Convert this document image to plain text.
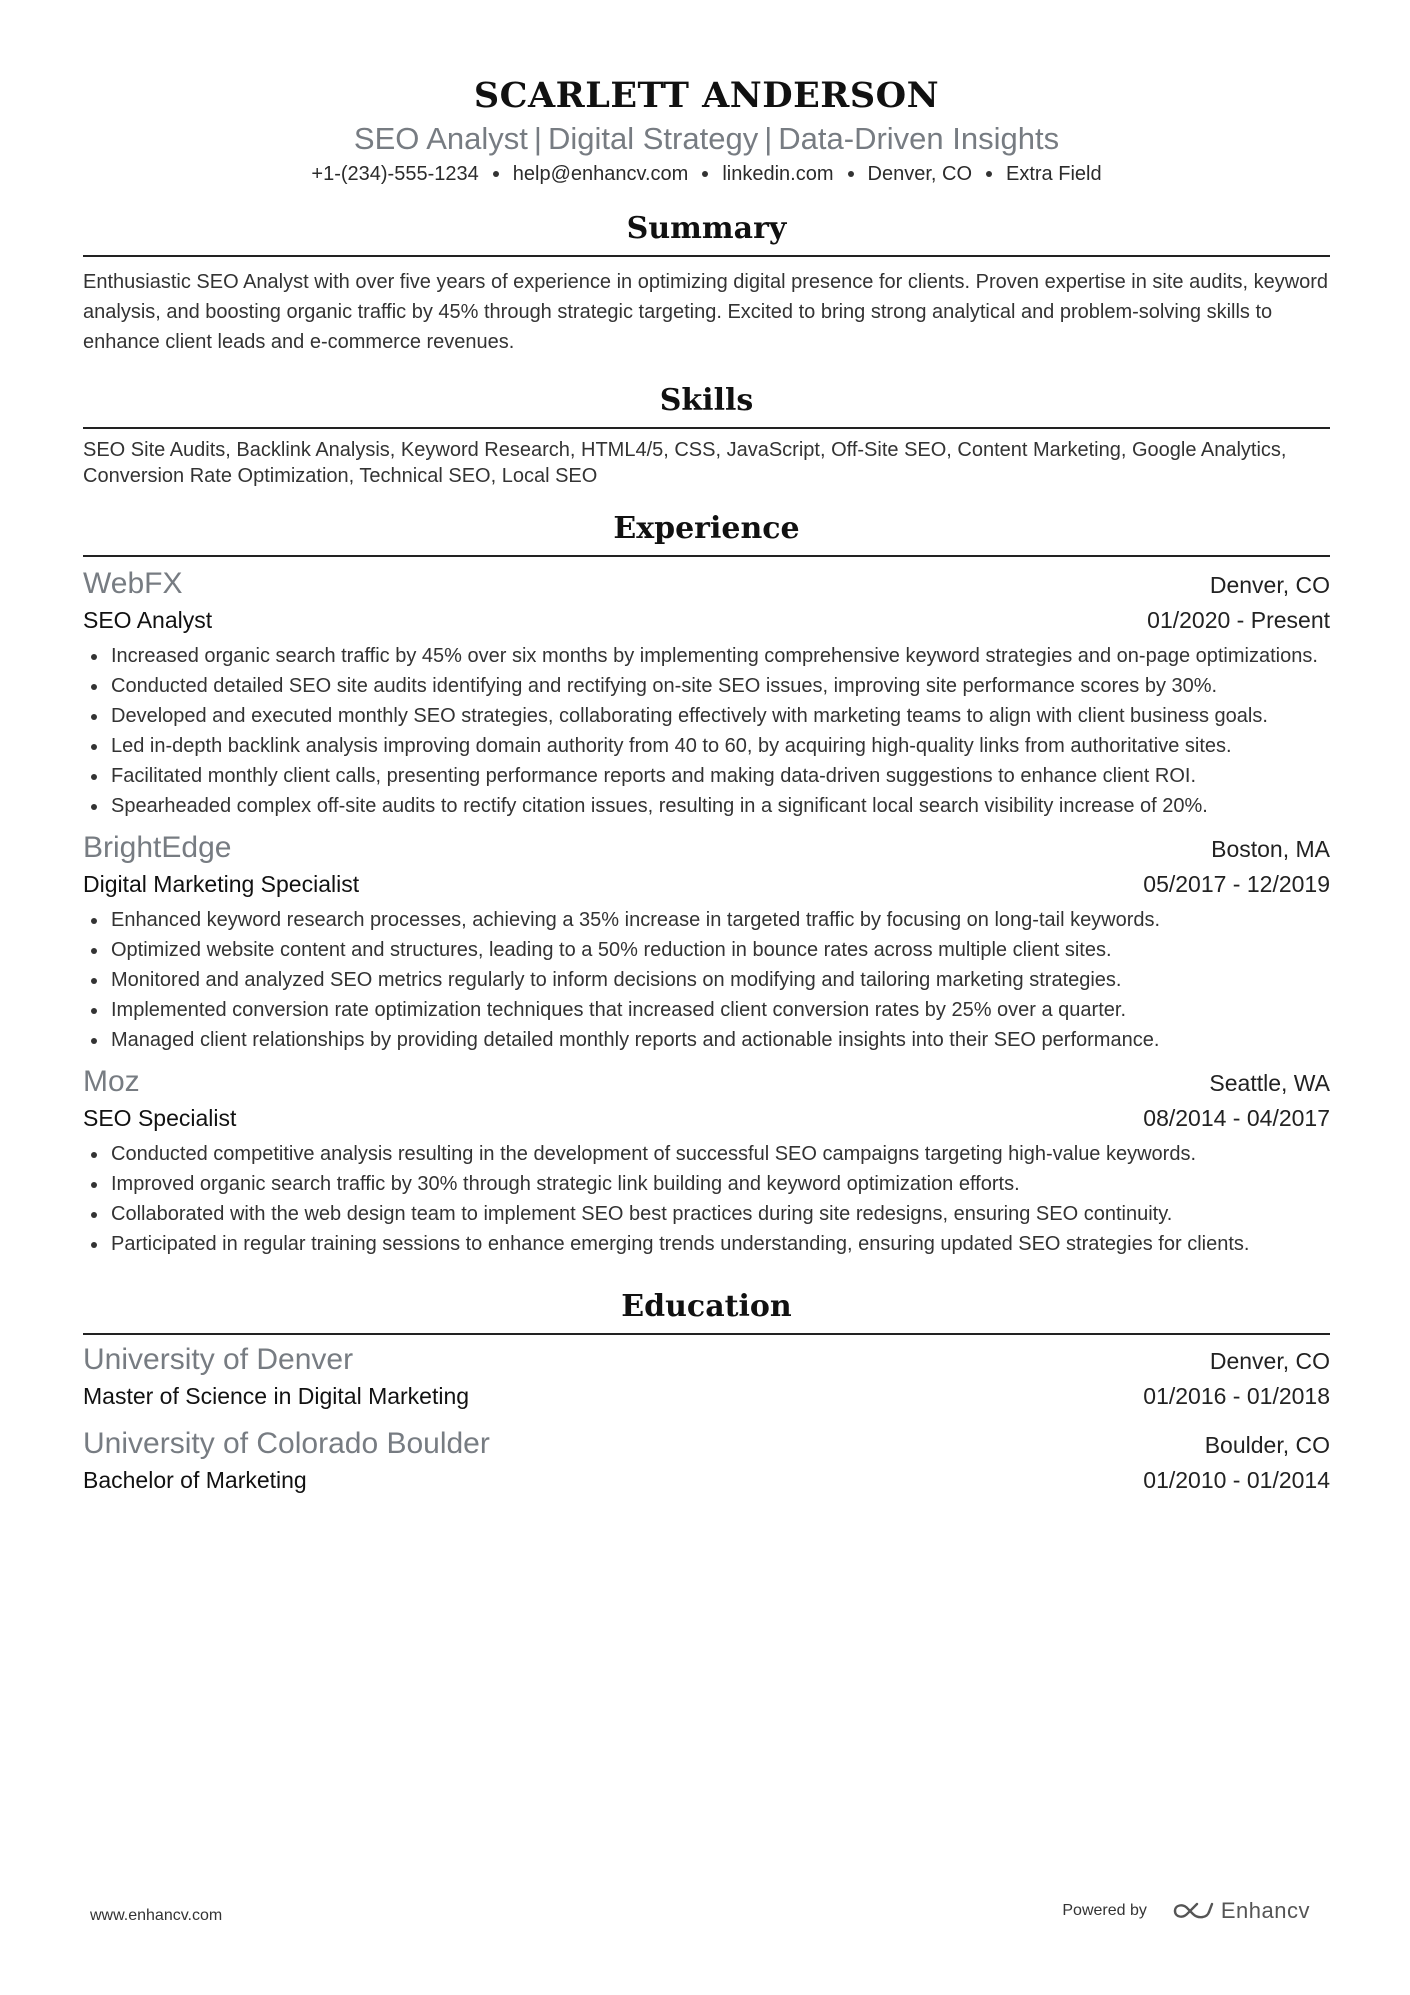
SCARLETT ANDERSON
SEO Analyst | Digital Strategy | Data-Driven Insights
+1-(234)-555-1234 help@enhancv.com linkedin.com Denver, CO Extra Field
Summary
Enthusiastic SEO Analyst with over five years of experience in optimizing digital presence for clients. Proven expertise in site audits, keyword analysis, and boosting organic traffic by 45% through strategic targeting. Excited to bring strong analytical and problem-solving skills to enhance client leads and e-commerce revenues.
Skills
SEO Site Audits, Backlink Analysis, Keyword Research, HTML4/5, CSS, JavaScript, Off-Site SEO, Content Marketing, Google Analytics, Conversion Rate Optimization, Technical SEO, Local SEO
Experience
WebFX	Denver, CO
SEO Analyst	01/2020 - Present
Increased organic search traffic by 45% over six months by implementing comprehensive keyword strategies and on-page optimizations.
Conducted detailed SEO site audits identifying and rectifying on-site SEO issues, improving site performance scores by 30%.
Developed and executed monthly SEO strategies, collaborating effectively with marketing teams to align with client business goals.
Led in-depth backlink analysis improving domain authority from 40 to 60, by acquiring high-quality links from authoritative sites.
Facilitated monthly client calls, presenting performance reports and making data-driven suggestions to enhance client ROI.
Spearheaded complex off-site audits to rectify citation issues, resulting in a significant local search visibility increase of 20%.
BrightEdge	Boston, MA
Digital Marketing Specialist	05/2017 - 12/2019
Enhanced keyword research processes, achieving a 35% increase in targeted traffic by focusing on long-tail keywords.
Optimized website content and structures, leading to a 50% reduction in bounce rates across multiple client sites.
Monitored and analyzed SEO metrics regularly to inform decisions on modifying and tailoring marketing strategies.
Implemented conversion rate optimization techniques that increased client conversion rates by 25% over a quarter.
Managed client relationships by providing detailed monthly reports and actionable insights into their SEO performance.
Moz	Seattle, WA
SEO Specialist	08/2014 - 04/2017
Conducted competitive analysis resulting in the development of successful SEO campaigns targeting high-value keywords.
Improved organic search traffic by 30% through strategic link building and keyword optimization efforts.
Collaborated with the web design team to implement SEO best practices during site redesigns, ensuring SEO continuity.
Participated in regular training sessions to enhance emerging trends understanding, ensuring updated SEO strategies for clients.
Education
University of Denver	Denver, CO
Master of Science in Digital Marketing	01/2016 - 01/2018
University of Colorado Boulder	Boulder, CO
Bachelor of Marketing	01/2010 - 01/2014
www.enhancv.com	Powered by	Enhancv
